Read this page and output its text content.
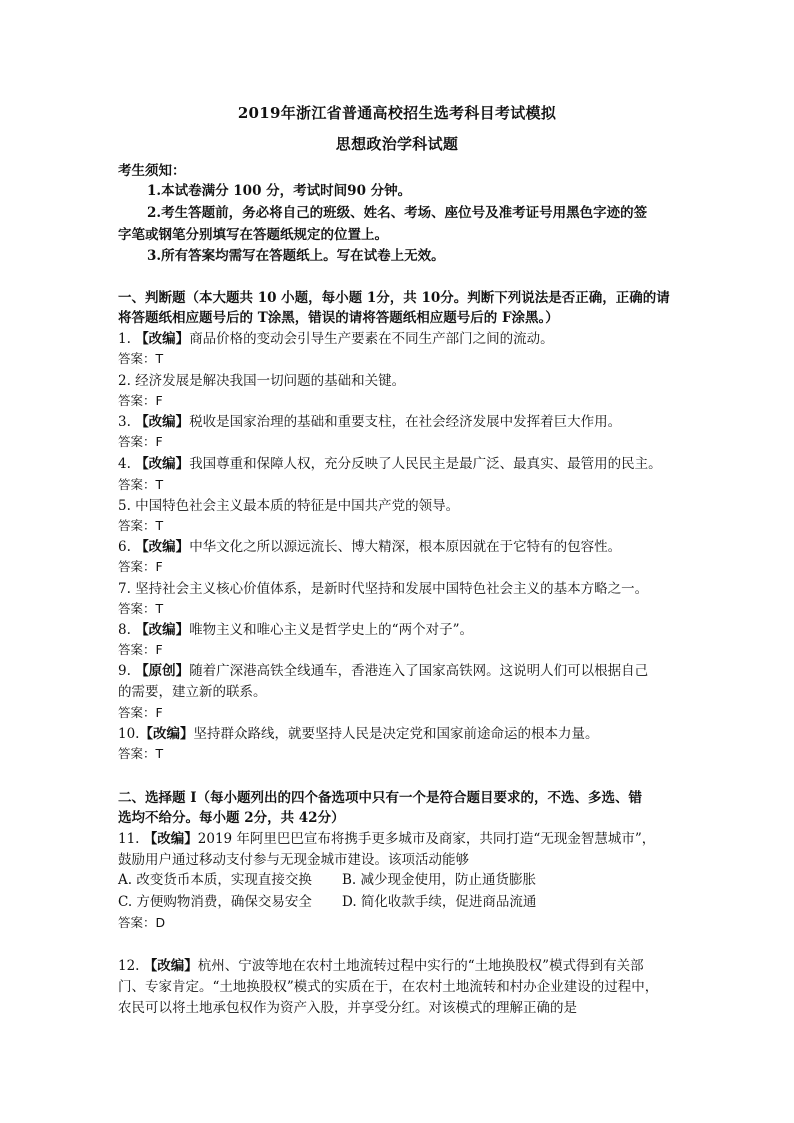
2019年浙江省普通高校招生选考科目考试模拟
思想政治学科试题
考生须知：
1.本试卷满分 100 分，考试时间90 分钟。
2.考生答题前，务必将自己的班级、姓名、考场、座位号及准考证号用黑色字迹的签
字笔或钢笔分别填写在答题纸规定的位置上。
3.所有答案均需写在答题纸上。写在试卷上无效。
一、判断题（本大题共 10 小题，每小题 1分，共 10分。判断下列说法是否正确，正确的请
将答题纸相应题号后的 T涂黑，错误的请将答题纸相应题号后的 F涂黑。）
1. 【改编】商品价格的变动会引导生产要素在不同生产部门之间的流动。
答案：T
2. 经济发展是解决我国一切问题的基础和关键。
答案：F
3. 【改编】税收是国家治理的基础和重要支柱，在社会经济发展中发挥着巨大作用。
答案：F
4. 【改编】我国尊重和保障人权，充分反映了人民民主是最广泛、最真实、最管用的民主。
答案：T
5. 中国特色社会主义最本质的特征是中国共产党的领导。
答案：T
6. 【改编】中华文化之所以源远流长、博大精深，根本原因就在于它特有的包容性。
答案：F
7. 坚持社会主义核心价值体系，是新时代坚持和发展中国特色社会主义的基本方略之一。
答案：T
8. 【改编】唯物主义和唯心主义是哲学史上的“两个对子”。
答案：F
9. 【原创】随着广深港高铁全线通车，香港连入了国家高铁网。这说明人们可以根据自己
的需要，建立新的联系。
答案：F
10.【改编】坚持群众路线，就要坚持人民是决定党和国家前途命运的根本力量。
答案：T
二、选择题 Ⅰ（每小题列出的四个备选项中只有一个是符合题目要求的，不选、多选、错
选均不给分。每小题 2分，共 42分）
11. 【改编】2019 年阿里巴巴宣布将携手更多城市及商家，共同打造“无现金智慧城市”，
鼓励用户通过移动支付参与无现金城市建设。该项活动能够
A. 改变货币本质，实现直接交换 B. 减少现金使用，防止通货膨胀
C. 方便购物消费，确保交易安全 D. 简化收款手续，促进商品流通
答案：D
12. 【改编】杭州、宁波等地在农村土地流转过程中实行的“土地换股权”模式得到有关部
门、专家肯定。“土地换股权”模式的实质在于，在农村土地流转和村办企业建设的过程中，
农民可以将土地承包权作为资产入股，并享受分红。对该模式的理解正确的是
